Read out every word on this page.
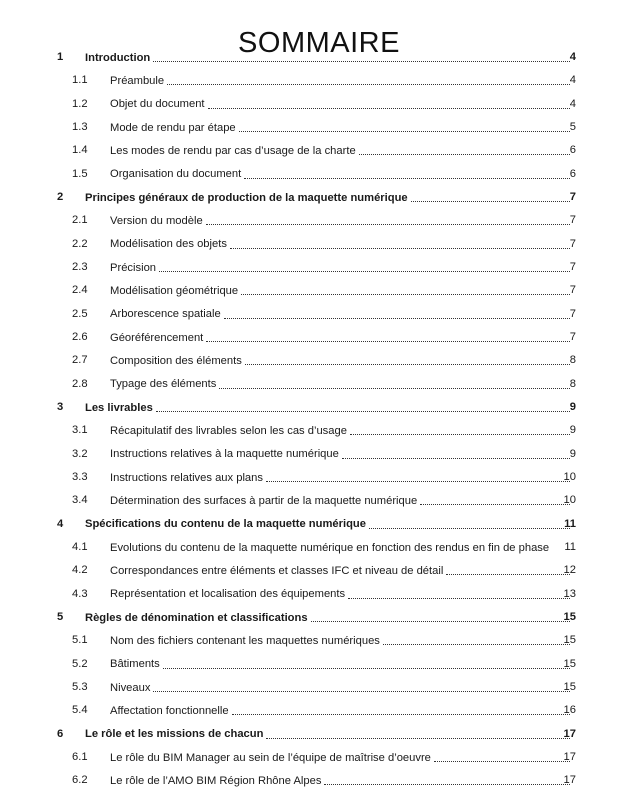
SOMMAIRE
1 Introduction	4
1.1 Préambule	4
1.2 Objet du document	4
1.3 Mode de rendu par étape	5
1.4 Les modes de rendu par cas d’usage de la charte	6
1.5 Organisation du document	6
2 Principes généraux de production de la maquette numérique	7
2.1 Version du modèle	7
2.2 Modélisation des objets	7
2.3 Précision	7
2.4 Modélisation géométrique	7
2.5 Arborescence spatiale	7
2.6 Géoréférencement	7
2.7 Composition des éléments	8
2.8 Typage des éléments	8
3 Les livrables	9
3.1 Récapitulatif des livrables selon les cas d’usage	9
3.2 Instructions relatives à la maquette numérique	9
3.3 Instructions relatives aux plans	10
3.4 Détermination des surfaces à partir de la maquette numérique	10
4 Spécifications du contenu de la maquette numérique	11
4.1 Evolutions du contenu de la maquette numérique en fonction des rendus en fin de phase	11
4.2 Correspondances entre éléments et classes IFC et niveau de détail	12
4.3 Représentation et localisation des équipements	13
5 Règles de dénomination et classifications	15
5.1 Nom des fichiers contenant les maquettes numériques	15
5.2 Bâtiments	15
5.3 Niveaux	15
5.4 Affectation fonctionnelle	16
6 Le rôle et les missions de chacun	17
6.1 Le rôle du BIM Manager au sein de l’équipe de maîtrise d’oeuvre	17
6.2 Le rôle de l’AMO BIM Région Rhône Alpes	17
